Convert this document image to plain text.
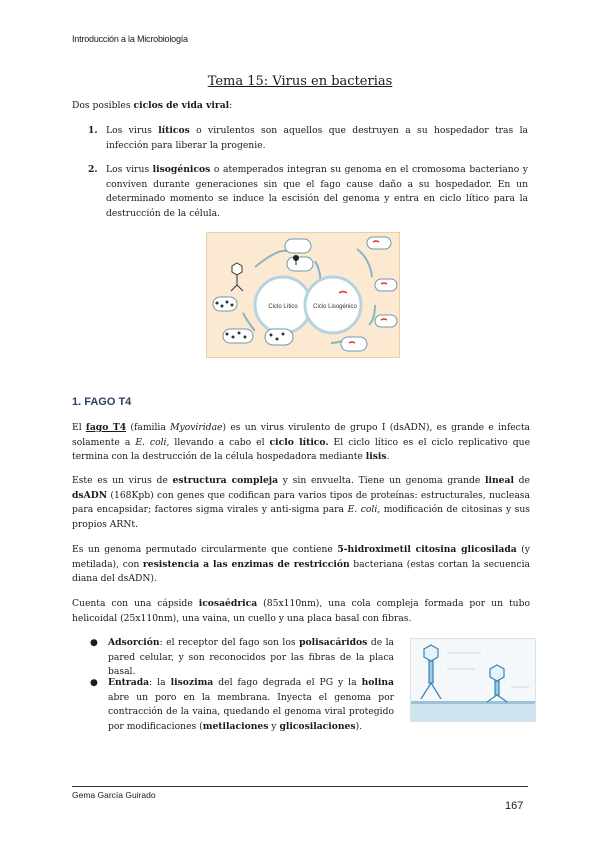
Introducción a la Microbiología
Tema 15: Virus en bacterias

Dos posibles ciclos de vida viral:

1. Los virus líticos o virulentos son aquellos que destruyen a su hospedador tras la infección para liberar la progenie.

2. Los virus lisogénicos o atemperados integran su genoma en el cromosoma bacteriano y conviven durante generaciones sin que el fago cause daño a su hospedador. En un determinado momento se induce la escisión del genoma y entra en ciclo lítico para la destrucción de la célula.

Ciclo Lítico	Ciclo Lisogénico
1. FAGO T4

El fago T4 (familia Myoviridae) es un virus virulento de grupo I (dsADN), es grande e infecta solamente a E. coli, llevando a cabo el ciclo lítico. El ciclo lítico es el ciclo replicativo que termina con la destrucción de la célula hospedadora mediante lisis.

Este es un virus de estructura compleja y sin envuelta. Tiene un genoma grande lineal de dsADN (168Kpb) con genes que codifican para varios tipos de proteínas: estructurales, nucleasa para encapsidar; factores sigma virales y anti-sigma para E. coli, modificación de citosinas y sus propios ARNt.

Es un genoma permutado circularmente que contiene 5-hidroximetil citosina glicosilada (y metilada), con resistencia a las enzimas de restricción bacteriana (estas cortan la secuencia diana del dsADN).

Cuenta con una cápside icosaédrica (85x110nm), una cola compleja formada por un tubo helicoidal (25x110nm), una vaina, un cuello y una placa basal con fibras.

●	Adsorción: el receptor del fago son los polisacáridos de la pared celular, y son reconocidos por las fibras de la placa basal.

●	Entrada: la lisozima del fago degrada el PG y la holina abre un poro en la membrana. Inyecta el genoma por contracción de la vaina, quedando el genoma viral protegido por modificaciones (metilaciones y glicosilaciones).

Gema García Guirado
167
